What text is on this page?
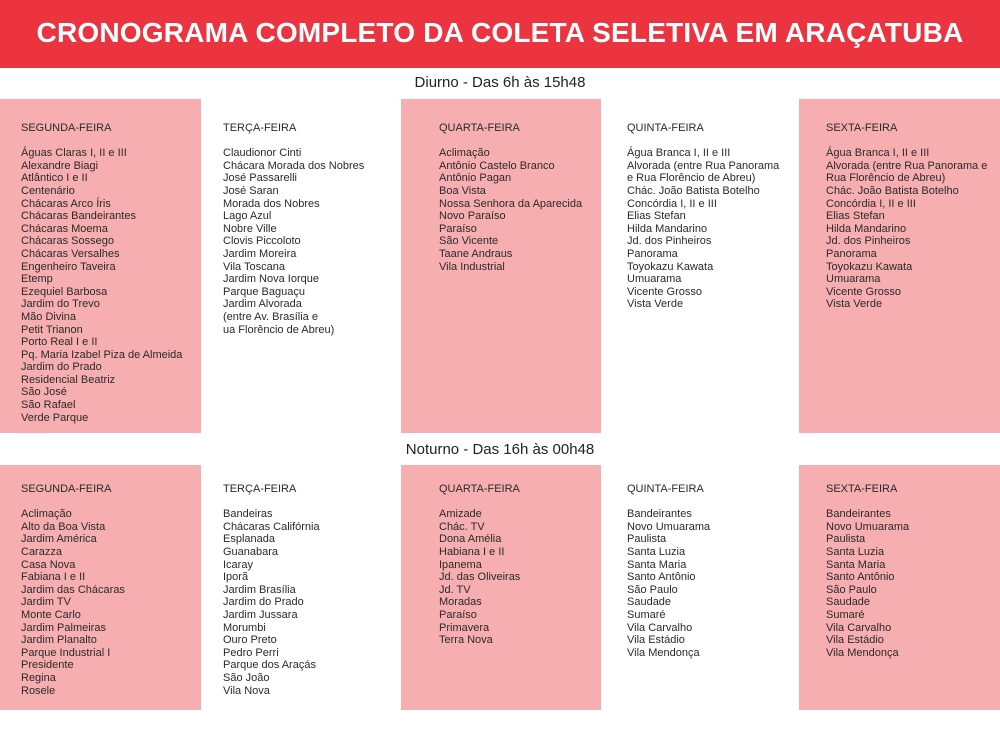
CRONOGRAMA COMPLETO DA COLETA SELETIVA EM ARAÇATUBA
Diurno - Das 6h às 15h48
SEGUNDA-FEIRA
Águas Claras I, II e III
Alexandre Biagi
Atlântico I e II
Centenário
Chácaras Arco Íris
Chácaras Bandeirantes
Chácaras Moema
Chácaras Sossego
Chácaras Versalhes
Engenheiro Taveira
Etemp
Ezequiel Barbosa
Jardim do Trevo
Mão Divina
Petit Trianon
Porto Real I e II
Pq. Maria Izabel Piza de Almeida
Jardim do Prado
Residencial Beatriz
São José
São Rafael
Verde Parque
TERÇA-FEIRA
Claudionor Cinti
Chácara Morada dos Nobres
José Passarelli
José Saran
Morada dos Nobres
Lago Azul
Nobre Ville
Clovis Piccoloto
Jardim Moreira
Vila Toscana
Jardim Nova Iorque
Parque Baguaçu
Jardim Alvorada
(entre Av. Brasília e
ua Florêncio de Abreu)
QUARTA-FEIRA
Aclimação
Antônio Castelo Branco
Antônio Pagan
Boa Vista
Nossa Senhora da Aparecida
Novo Paraíso
Paraíso
São Vicente
Taane Andraus
Vila Industrial
QUINTA-FEIRA
Água Branca I, II e III
Alvorada (entre Rua Panorama
e Rua Florêncio de Abreu)
Chác. João Batista Botelho
Concórdia I, II e III
Elias Stefan
Hilda Mandarino
Jd. dos Pinheiros
Panorama
Toyokazu Kawata
Umuarama
Vicente Grosso
Vista Verde
SEXTA-FEIRA
Água Branca I, II e III
Alvorada (entre Rua Panorama e
Rua Florêncio de Abreu)
Chác. João Batista Botelho
Concórdia I, II e III
Elias Stefan
Hilda Mandarino
Jd. dos Pinheiros
Panorama
Toyokazu Kawata
Umuarama
Vicente Grosso
Vista Verde
Noturno - Das 16h às 00h48
SEGUNDA-FEIRA
Aclimação
Alto da Boa Vista
Jardim América
Carazza
Casa Nova
Fabiana I e II
Jardim das Chácaras
Jardim TV
Monte Carlo
Jardim Palmeiras
Jardim Planalto
Parque Industrial I
Presidente
Regina
Rosele
TERÇA-FEIRA
Bandeiras
Chácaras Califórnia
Esplanada
Guanabara
Icaray
Iporã
Jardim Brasília
Jardim do Prado
Jardim Jussara
Morumbi
Ouro Preto
Pedro Perri
Parque dos Araçás
São João
Vila Nova
QUARTA-FEIRA
Amizade
Chác. TV
Dona Amélia
Habiana I e II
Ipanema
Jd. das Oliveiras
Jd. TV
Moradas
Paraíso
Primavera
Terra Nova
QUINTA-FEIRA
Bandeirantes
Novo Umuarama
Paulista
Santa Luzia
Santa Maria
Santo Antônio
São Paulo
Saudade
Sumaré
Vila Carvalho
Vila Estádio
Vila Mendonça
SEXTA-FEIRA
Bandeirantes
Novo Umuarama
Paulista
Santa Luzia
Santa Maria
Santo Antônio
São Paulo
Saudade
Sumaré
Vila Carvalho
Vila Estádio
Vila Mendonça
